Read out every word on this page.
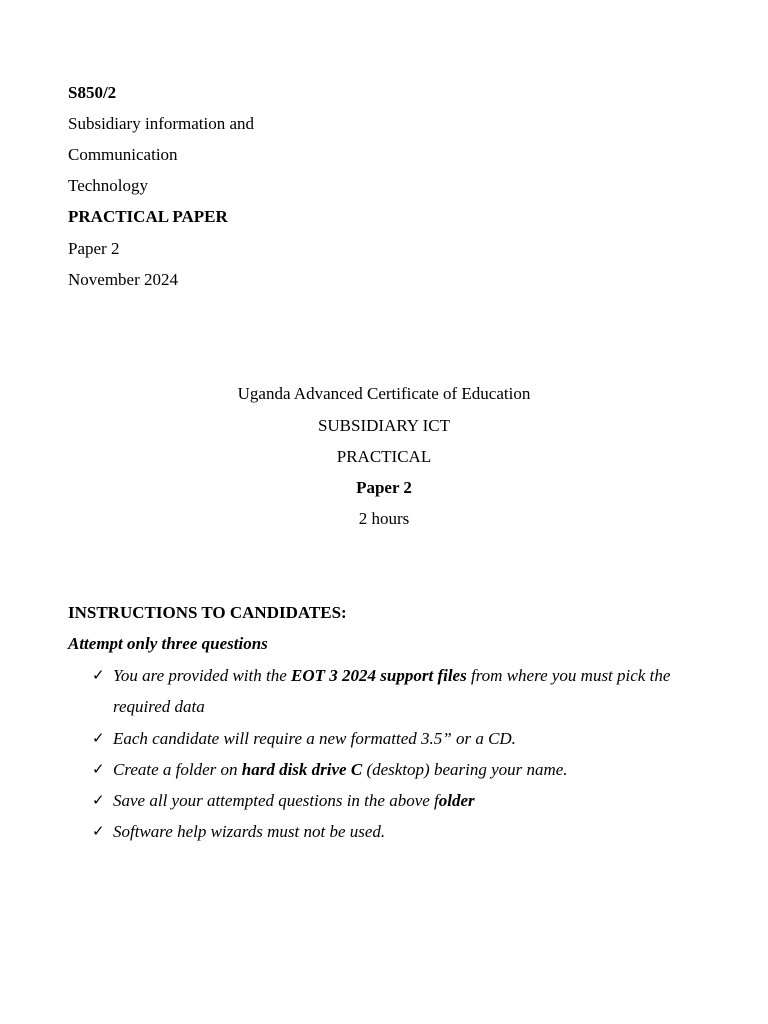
S850/2
Subsidiary information and
Communication
Technology
PRACTICAL PAPER
Paper 2
November 2024
Uganda Advanced Certificate of Education
SUBSIDIARY ICT
PRACTICAL
Paper 2
2 hours
INSTRUCTIONS TO CANDIDATES:
Attempt only three questions
✓ You are provided with the EOT 3 2024 support files from where you must pick the required data
✓ Each candidate will require a new formatted 3.5” or a CD.
✓ Create a folder on hard disk drive C (desktop) bearing your name.
✓ Save all your attempted questions in the above folder
✓ Software help wizards must not be used.
